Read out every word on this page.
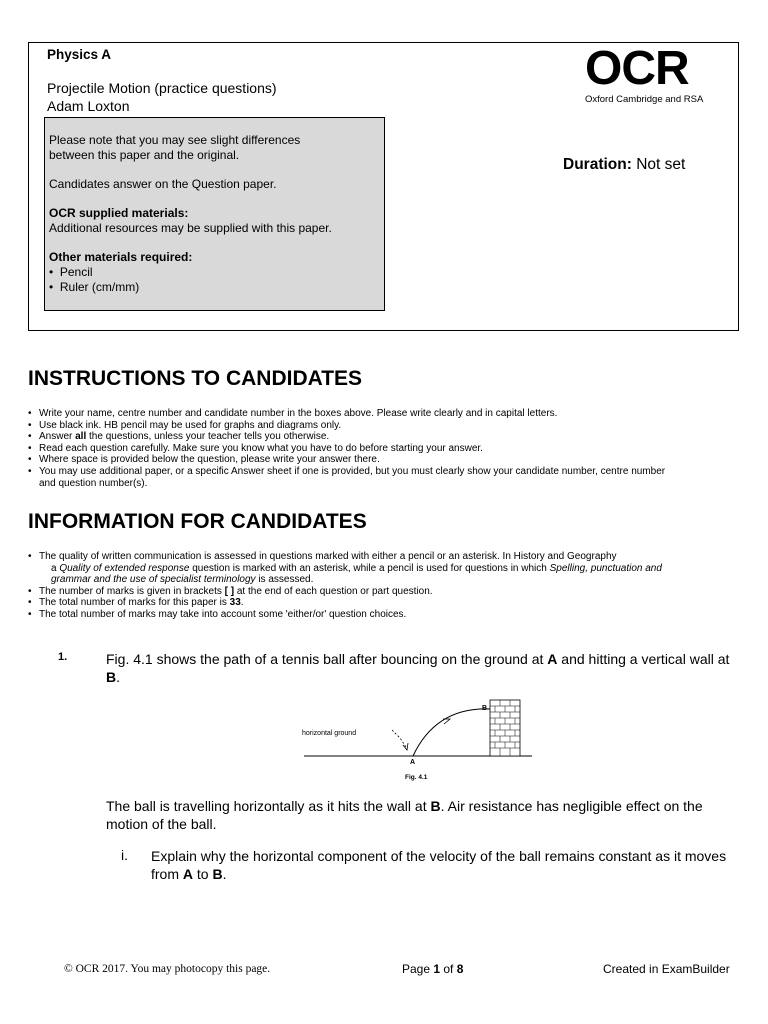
Physics A
Projectile Motion (practice questions)
Adam Loxton

Please note that you may see slight differences

between this paper and the original.

Candidates answer on the Question paper.

OCR supplied materials:

Additional resources may be supplied with this paper.

Other materials required:

•  Pencil

•  Ruler (cm/mm)

OCR
Oxford Cambridge and RSA
Duration: Not set
INSTRUCTIONS TO CANDIDATES
• Write your name, centre number and candidate number in the boxes above. Please write clearly and in capital letters.
• Use black ink. HB pencil may be used for graphs and diagrams only.
• Answer all the questions, unless your teacher tells you otherwise.
• Read each question carefully. Make sure you know what you have to do before starting your answer.
• Where space is provided below the question, please write your answer there.
• You may use additional paper, or a specific Answer sheet if one is provided, but you must clearly show your candidate number, centre number
and question number(s).
INFORMATION FOR CANDIDATES
• The quality of written communication is assessed in questions marked with either a pencil or an asterisk. In History and Geography
a Quality of extended response question is marked with an asterisk, while a pencil is used for questions in which Spelling, punctuation and
grammar and the use of specialist terminology is assessed.
• The number of marks is given in brackets [ ] at the end of each question or part question.
• The total number of marks for this paper is 33.
• The total number of marks may take into account some 'either/or' question choices.
1.	Fig. 4.1 shows the path of a tennis ball after bouncing on the ground at A and hitting a vertical wall at B.

horizontal ground
A
B
Fig. 4.1

The ball is travelling horizontally as it hits the wall at B. Air resistance has negligible effect on the motion of the ball.

i. Explain why the horizontal component of the velocity of the ball remains constant as it moves from A to B.
© OCR 2017. You may photocopy this page.	Page 1 of 8	Created in ExamBuilder
